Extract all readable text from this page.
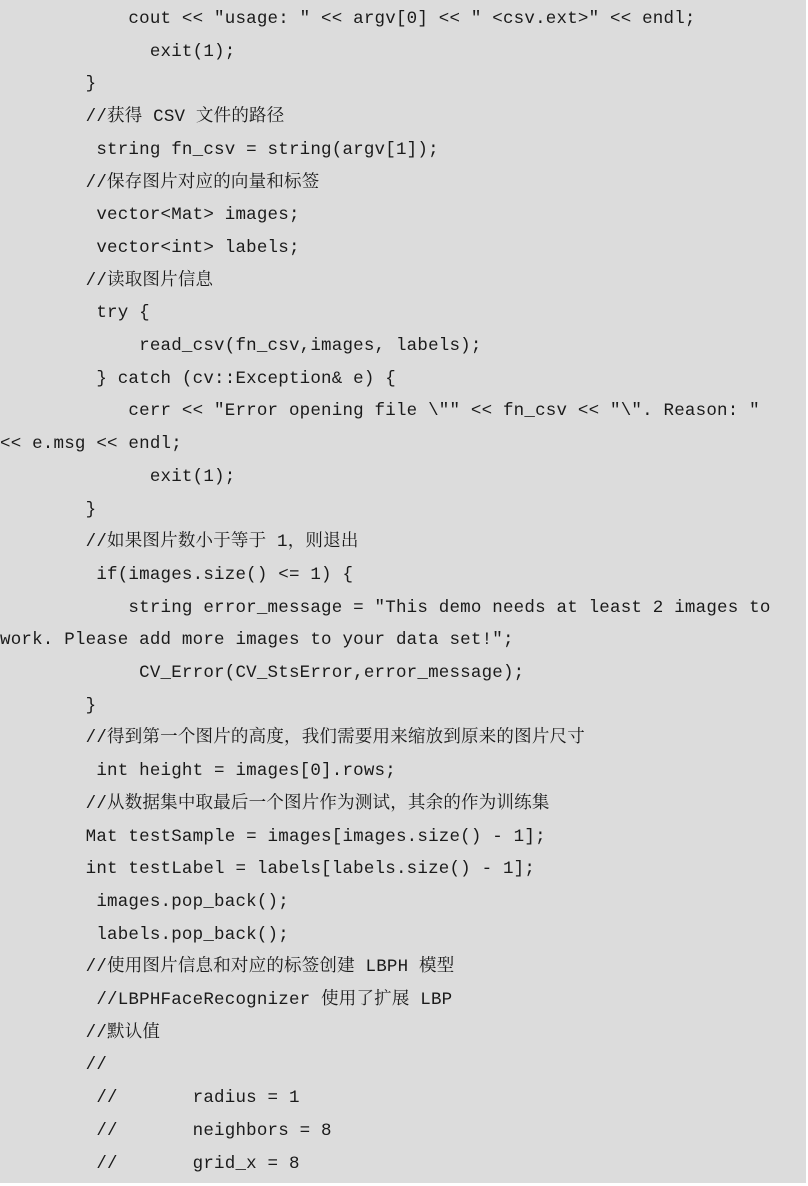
cout << "usage: " << argv[0] << " <csv.ext>" << endl;
exit(1);
}
//获得 CSV 文件的路径
string fn_csv = string(argv[1]);
//保存图片对应的向量和标签
vector<Mat> images;
vector<int> labels;
//读取图片信息
try {
read_csv(fn_csv,images, labels);
} catch (cv::Exception& e) {
cerr << "Error opening file \"" << fn_csv << "\". Reason: "
<< e.msg << endl;
exit(1);
}
//如果图片数小于等于 1，则退出
if(images.size() <= 1) {
string error_message = "This demo needs at least 2 images to
work. Please add more images to your data set!";
CV_Error(CV_StsError,error_message);
}
//得到第一个图片的高度，我们需要用来缩放到原来的图片尺寸
int height = images[0].rows;
//从数据集中取最后一个图片作为测试，其余的作为训练集
Mat testSample = images[images.size() - 1];
int testLabel = labels[labels.size() - 1];
images.pop_back();
labels.pop_back();
//使用图片信息和对应的标签创建 LBPH 模型
//LBPHFaceRecognizer 使用了扩展 LBP
//默认值
//
//       radius = 1
//       neighbors = 8
//       grid_x = 8
